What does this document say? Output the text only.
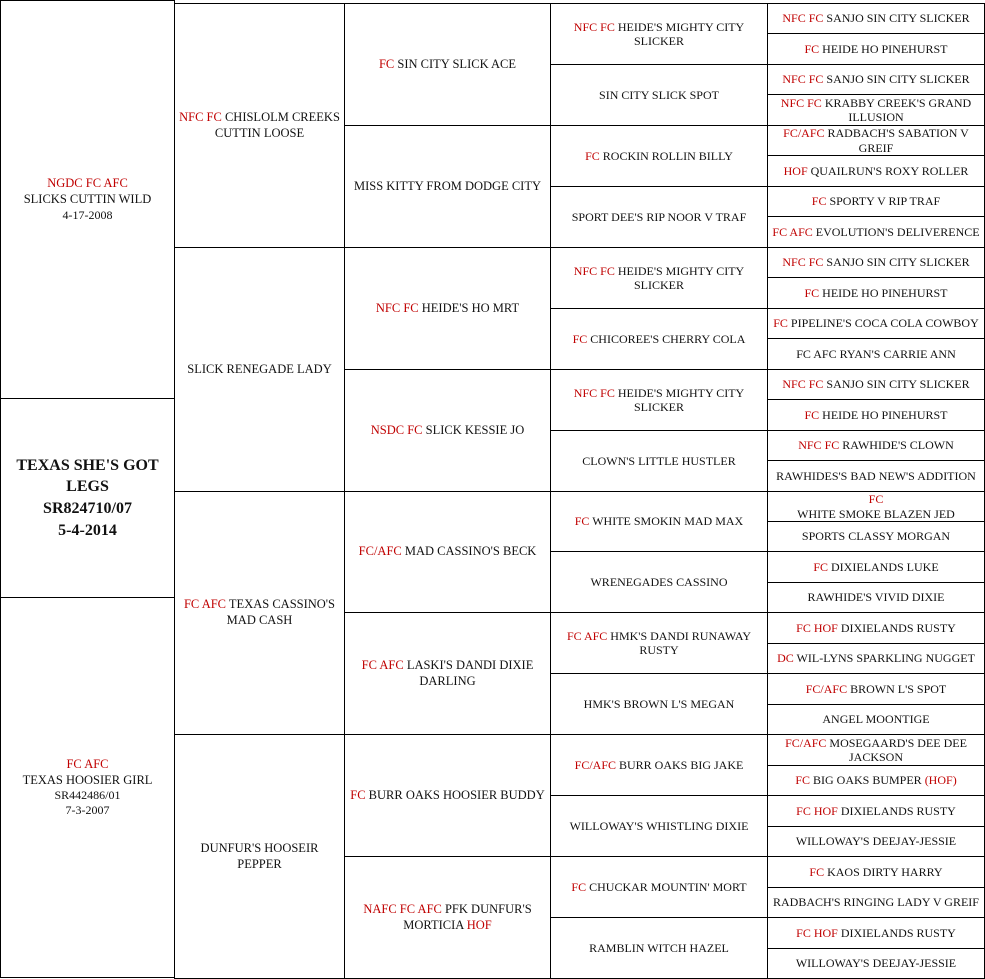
TEXAS SHE'S GOT
LEGS
SR824710/07
5-4-2014
NGDC FC AFC
SLICKS CUTTIN WILD
4-17-2008
FC AFC
TEXAS HOOSIER GIRL
SR442486/01
7-3-2007
NFC FC CHISLOLM CREEKS CUTTIN LOOSE
SLICK RENEGADE LADY
FC AFC TEXAS CASSINO'S MAD CASH
DUNFUR'S HOOSEIR PEPPER
FC SIN CITY SLICK ACE
MISS KITTY FROM DODGE CITY
NFC FC HEIDE'S HO MRT
NSDC FC SLICK KESSIE JO
FC/AFC MAD CASSINO'S BECK
FC AFC LASKI'S DANDI DIXIE DARLING
FC BURR OAKS HOOSIER BUDDY
NAFC FC AFC PFK DUNFUR'S MORTICIA HOF
NFC FC HEIDE'S MIGHTY CITY SLICKER
SIN CITY SLICK SPOT
FC ROCKIN ROLLIN BILLY
SPORT DEE'S RIP NOOR V TRAF
NFC FC HEIDE'S MIGHTY CITY SLICKER
FC CHICOREE'S CHERRY COLA
NFC FC HEIDE'S MIGHTY CITY SLICKER
CLOWN'S LITTLE HUSTLER
FC WHITE SMOKIN MAD MAX
WRENEGADES CASSINO
FC AFC HMK'S DANDI RUNAWAY RUSTY
HMK'S BROWN L'S MEGAN
FC/AFC BURR OAKS BIG JAKE
WILLOWAY'S WHISTLING DIXIE
FC CHUCKAR MOUNTIN' MORT
RAMBLIN WITCH HAZEL
NFC FC SANJO SIN CITY SLICKER
FC HEIDE HO PINEHURST
NFC FC SANJO SIN CITY SLICKER
NFC FC KRABBY CREEK'S GRAND ILLUSION
FC/AFC RADBACH'S SABATION V GREIF
HOF QUAILRUN'S ROXY ROLLER
FC SPORTY V RIP TRAF
FC AFC EVOLUTION'S DELIVERENCE
NFC FC SANJO SIN CITY SLICKER
FC HEIDE HO PINEHURST
FC PIPELINE'S COCA COLA COWBOY
FC AFC RYAN'S CARRIE ANN
NFC FC SANJO SIN CITY SLICKER
FC HEIDE HO PINEHURST
NFC FC RAWHIDE'S CLOWN
RAWHIDES'S BAD NEW'S ADDITION
FC
WHITE SMOKE BLAZEN JED
SPORTS CLASSY MORGAN
FC DIXIELANDS LUKE
RAWHIDE'S VIVID DIXIE
FC HOF DIXIELANDS RUSTY
DC WIL-LYNS SPARKLING NUGGET
FC/AFC BROWN L'S SPOT
ANGEL MOONTIGE
FC/AFC MOSEGAARD'S DEE DEE JACKSON
FC BIG OAKS BUMPER (HOF)
FC HOF DIXIELANDS RUSTY
WILLOWAY'S DEEJAY-JESSIE
FC KAOS DIRTY HARRY
RADBACH'S RINGING LADY V GREIF
FC HOF DIXIELANDS RUSTY
WILLOWAY'S DEEJAY-JESSIE
